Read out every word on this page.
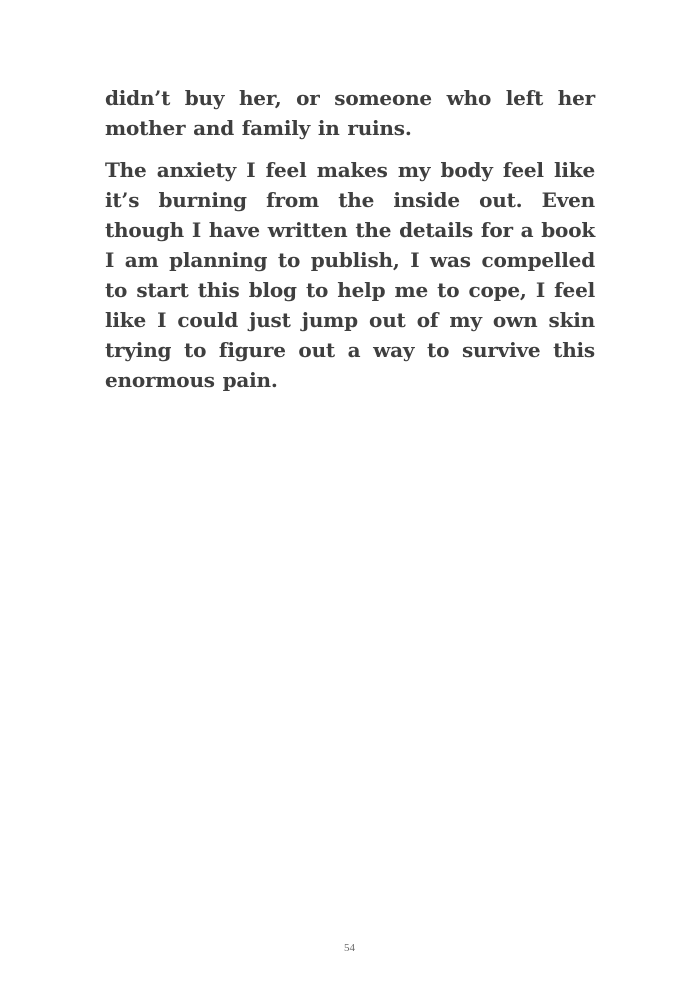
didn’t buy her, or someone who left her mother and family in ruins.

The anxiety I feel makes my body feel like it’s burning from the inside out. Even though I have written the details for a book I am planning to publish, I was compelled to start this blog to help me to cope, I feel like I could just jump out of my own skin trying to figure out a way to survive this enormous pain.

54
